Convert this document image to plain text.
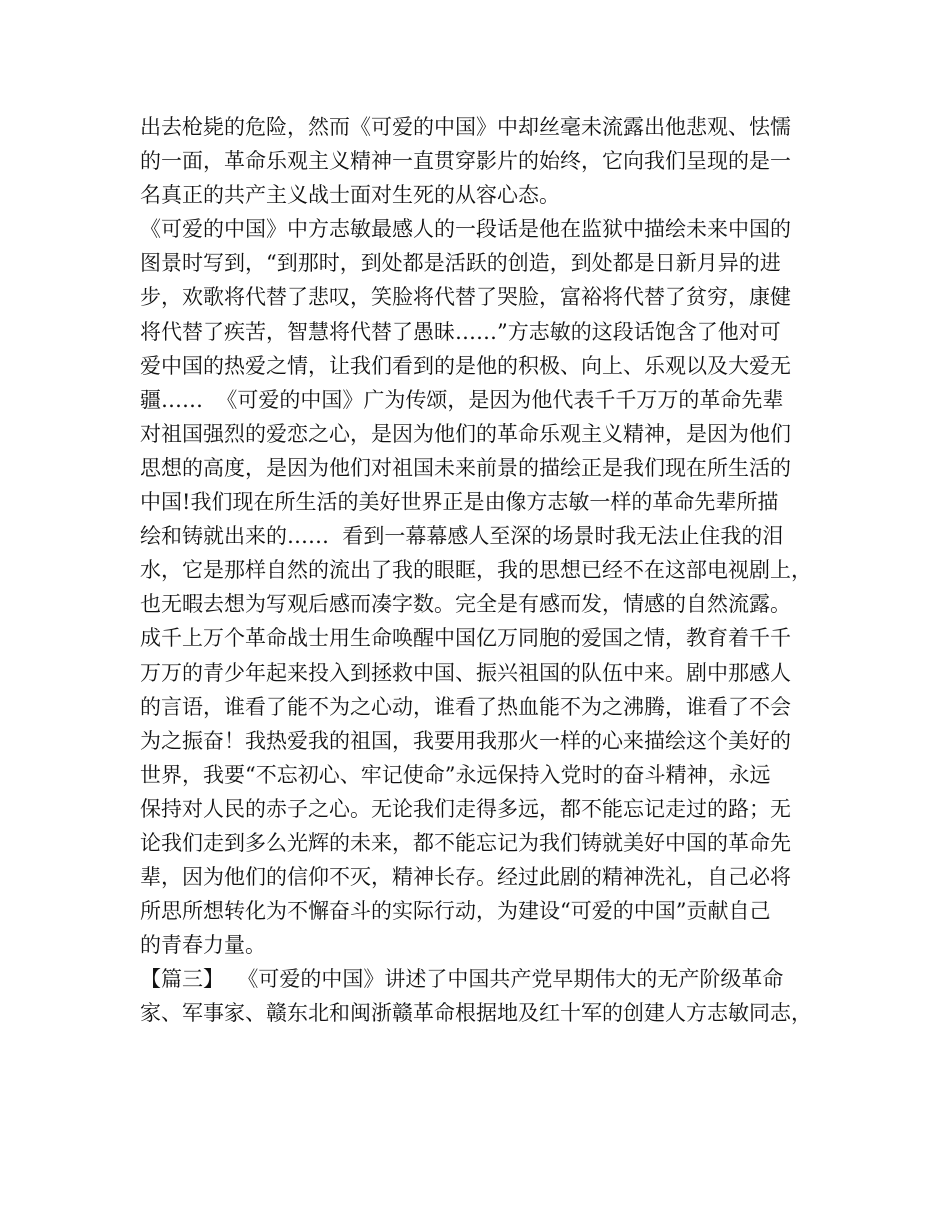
出去枪毙的危险，然而《可爱的中国》中却丝毫未流露出他悲观、怯懦
的一面，革命乐观主义精神一直贯穿影片的始终，它向我们呈现的是一
名真正的共产主义战士面对生死的从容心态。
《可爱的中国》中方志敏最感人的一段话是他在监狱中描绘未来中国的
图景时写到，“到那时，到处都是活跃的创造，到处都是日新月异的进
步，欢歌将代替了悲叹，笑脸将代替了哭脸，富裕将代替了贫穷，康健
将代替了疾苦，智慧将代替了愚昧……”方志敏的这段话饱含了他对可
爱中国的热爱之情，让我们看到的是他的积极、向上、乐观以及大爱无
疆……  《可爱的中国》广为传颂，是因为他代表千千万万的革命先辈
对祖国强烈的爱恋之心，是因为他们的革命乐观主义精神，是因为他们
思想的高度，是因为他们对祖国未来前景的描绘正是我们现在所生活的
中国!我们现在所生活的美好世界正是由像方志敏一样的革命先辈所描
绘和铸就出来的……  看到一幕幕感人至深的场景时我无法止住我的泪
水，它是那样自然的流出了我的眼眶，我的思想已经不在这部电视剧上，
也无暇去想为写观后感而凑字数。完全是有感而发，情感的自然流露。
成千上万个革命战士用生命唤醒中国亿万同胞的爱国之情，教育着千千
万万的青少年起来投入到拯救中国、振兴祖国的队伍中来。剧中那感人
的言语，谁看了能不为之心动，谁看了热血能不为之沸腾，谁看了不会
为之振奋！我热爱我的祖国，我要用我那火一样的心来描绘这个美好的
世界，我要“不忘初心、牢记使命”永远保持入党时的奋斗精神，永远
保持对人民的赤子之心。无论我们走得多远，都不能忘记走过的路；无
论我们走到多么光辉的未来，都不能忘记为我们铸就美好中国的革命先
辈，因为他们的信仰不灭，精神长存。经过此剧的精神洗礼，自己必将
所思所想转化为不懈奋斗的实际行动，为建设“可爱的中国”贡献自己
的青春力量。
【篇三】  《可爱的中国》讲述了中国共产党早期伟大的无产阶级革命
家、军事家、赣东北和闽浙赣革命根据地及红十军的创建人方志敏同志，
